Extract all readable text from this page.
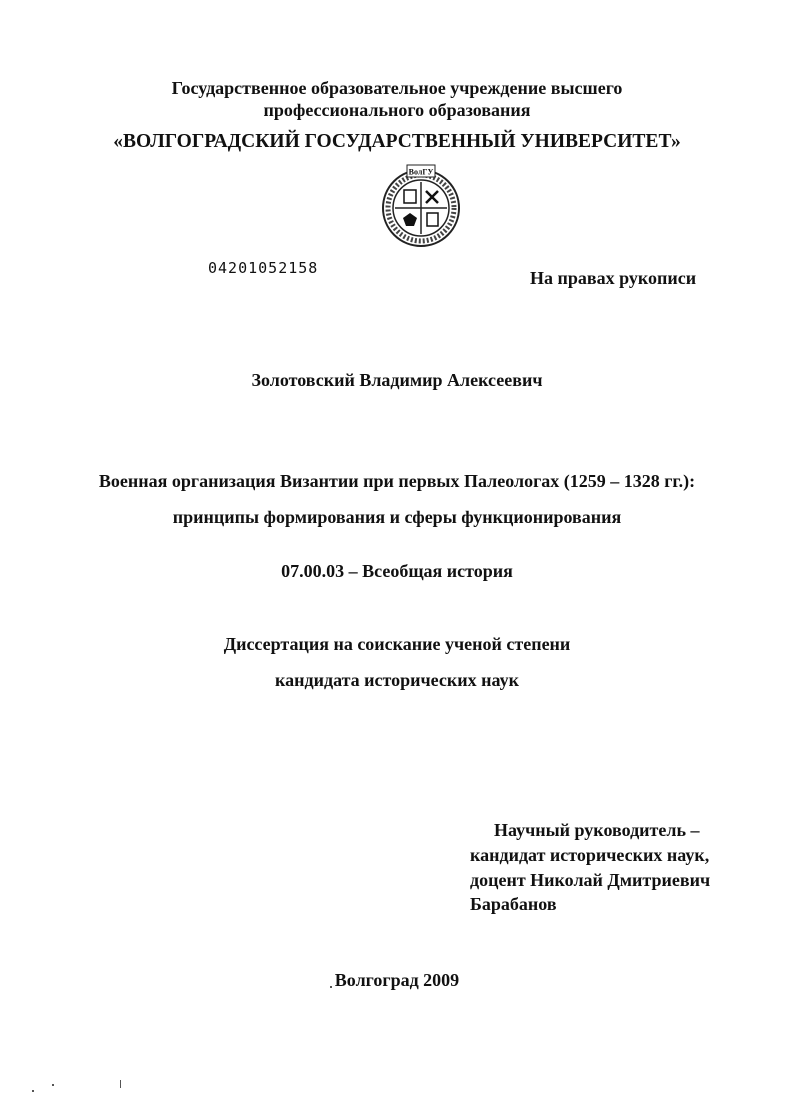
Государственное образовательное учреждение высшего
профессионального образования
«ВОЛГОГРАДСКИЙ ГОСУДАРСТВЕННЫЙ УНИВЕРСИТЕТ»
ВолГУ
04201052158	На правах рукописи
Золотовский Владимир Алексеевич
Военная организация Византии при первых Палеологах (1259 – 1328 гг.):
принципы формирования и сферы функционирования
07.00.03 – Всеобщая история
Диссертация на соискание ученой степени
кандидата исторических наук
Научный руководитель –
кандидат исторических наук,
доцент Николай Дмитриевич
Барабанов
Волгоград 2009
